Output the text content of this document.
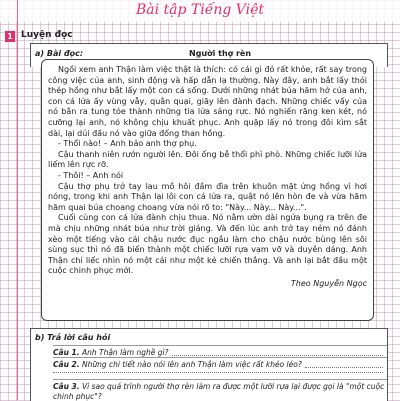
Bài tập Tiếng Việt
1 Luyện đọc
a) Bài đọc:	Người thợ rèn

Ngồi xem anh Thận làm việc thật là thích: có cái gì đó rất khỏe, rất say trong công việc của anh, sinh động và hấp dẫn lạ thường. Này đây, anh bắt lấy thỏi thép hồng như bắt lấy một con cá sống. Dưới những nhát búa hăm hở của anh, con cá lửa ấy vùng vẫy, quằn quại, giãy lên đành đạch. Những chiếc vẩy của nó bắn ra tung tóe thành những tia lửa sáng rực. Nó nghiến răng ken két, nó cưỡng lại anh, nó không chịu khuất phục. Anh quặp lấy nó trong đôi kìm sắt dài, lại dúi đầu nó vào giữa đống than hồng.

- Thổi nào! – Anh bảo anh thợ phụ.

Cậu thanh niên rướn người lên. Đôi ống bễ thổi phì phò. Những chiếc lưỡi lửa liếm lên rực rỡ.

- Thôi! – Anh nói

Cậu thợ phụ trở tay lau mồ hôi đầm đìa trên khuôn mặt ửng hồng vì hơi nóng, trong khi anh Thận lại lôi con cá lửa ra, quật nó lên hòn đe và vừa hăm hăm quai búa choang choang vừa nói rõ to: "Này... Này... Này...".

Cuối cùng con cá lửa đành chịu thua. Nó nằm ườn dài ngửa bụng ra trên đe mà chịu những nhát búa như trời giáng. Và đến lúc anh trở tay ném nó đánh xèo một tiếng vào cái chậu nước đục ngầu làm cho chậu nước bùng lên sôi sùng sục thì nó đã biến thành một chiếc lưỡi rựa vạm vỡ và duyên dáng. Anh Thận chỉ liếc nhìn nó một cái như một kẻ chiến thắng. Và anh lại bắt đầu một cuộc chinh phục mới.

Theo Nguyễn Ngọc

b) Trả lời câu hỏi
Câu 1.
Anh Thận làm nghề gì?
Câu 2.
Những chi tiết nào nói lên anh Thận làm việc rất khéo léo?
Câu 3. Vì sao quá trình người thợ rèn làm ra được một lưỡi rựa lại được gọi là "một cuộc chinh phục"?
